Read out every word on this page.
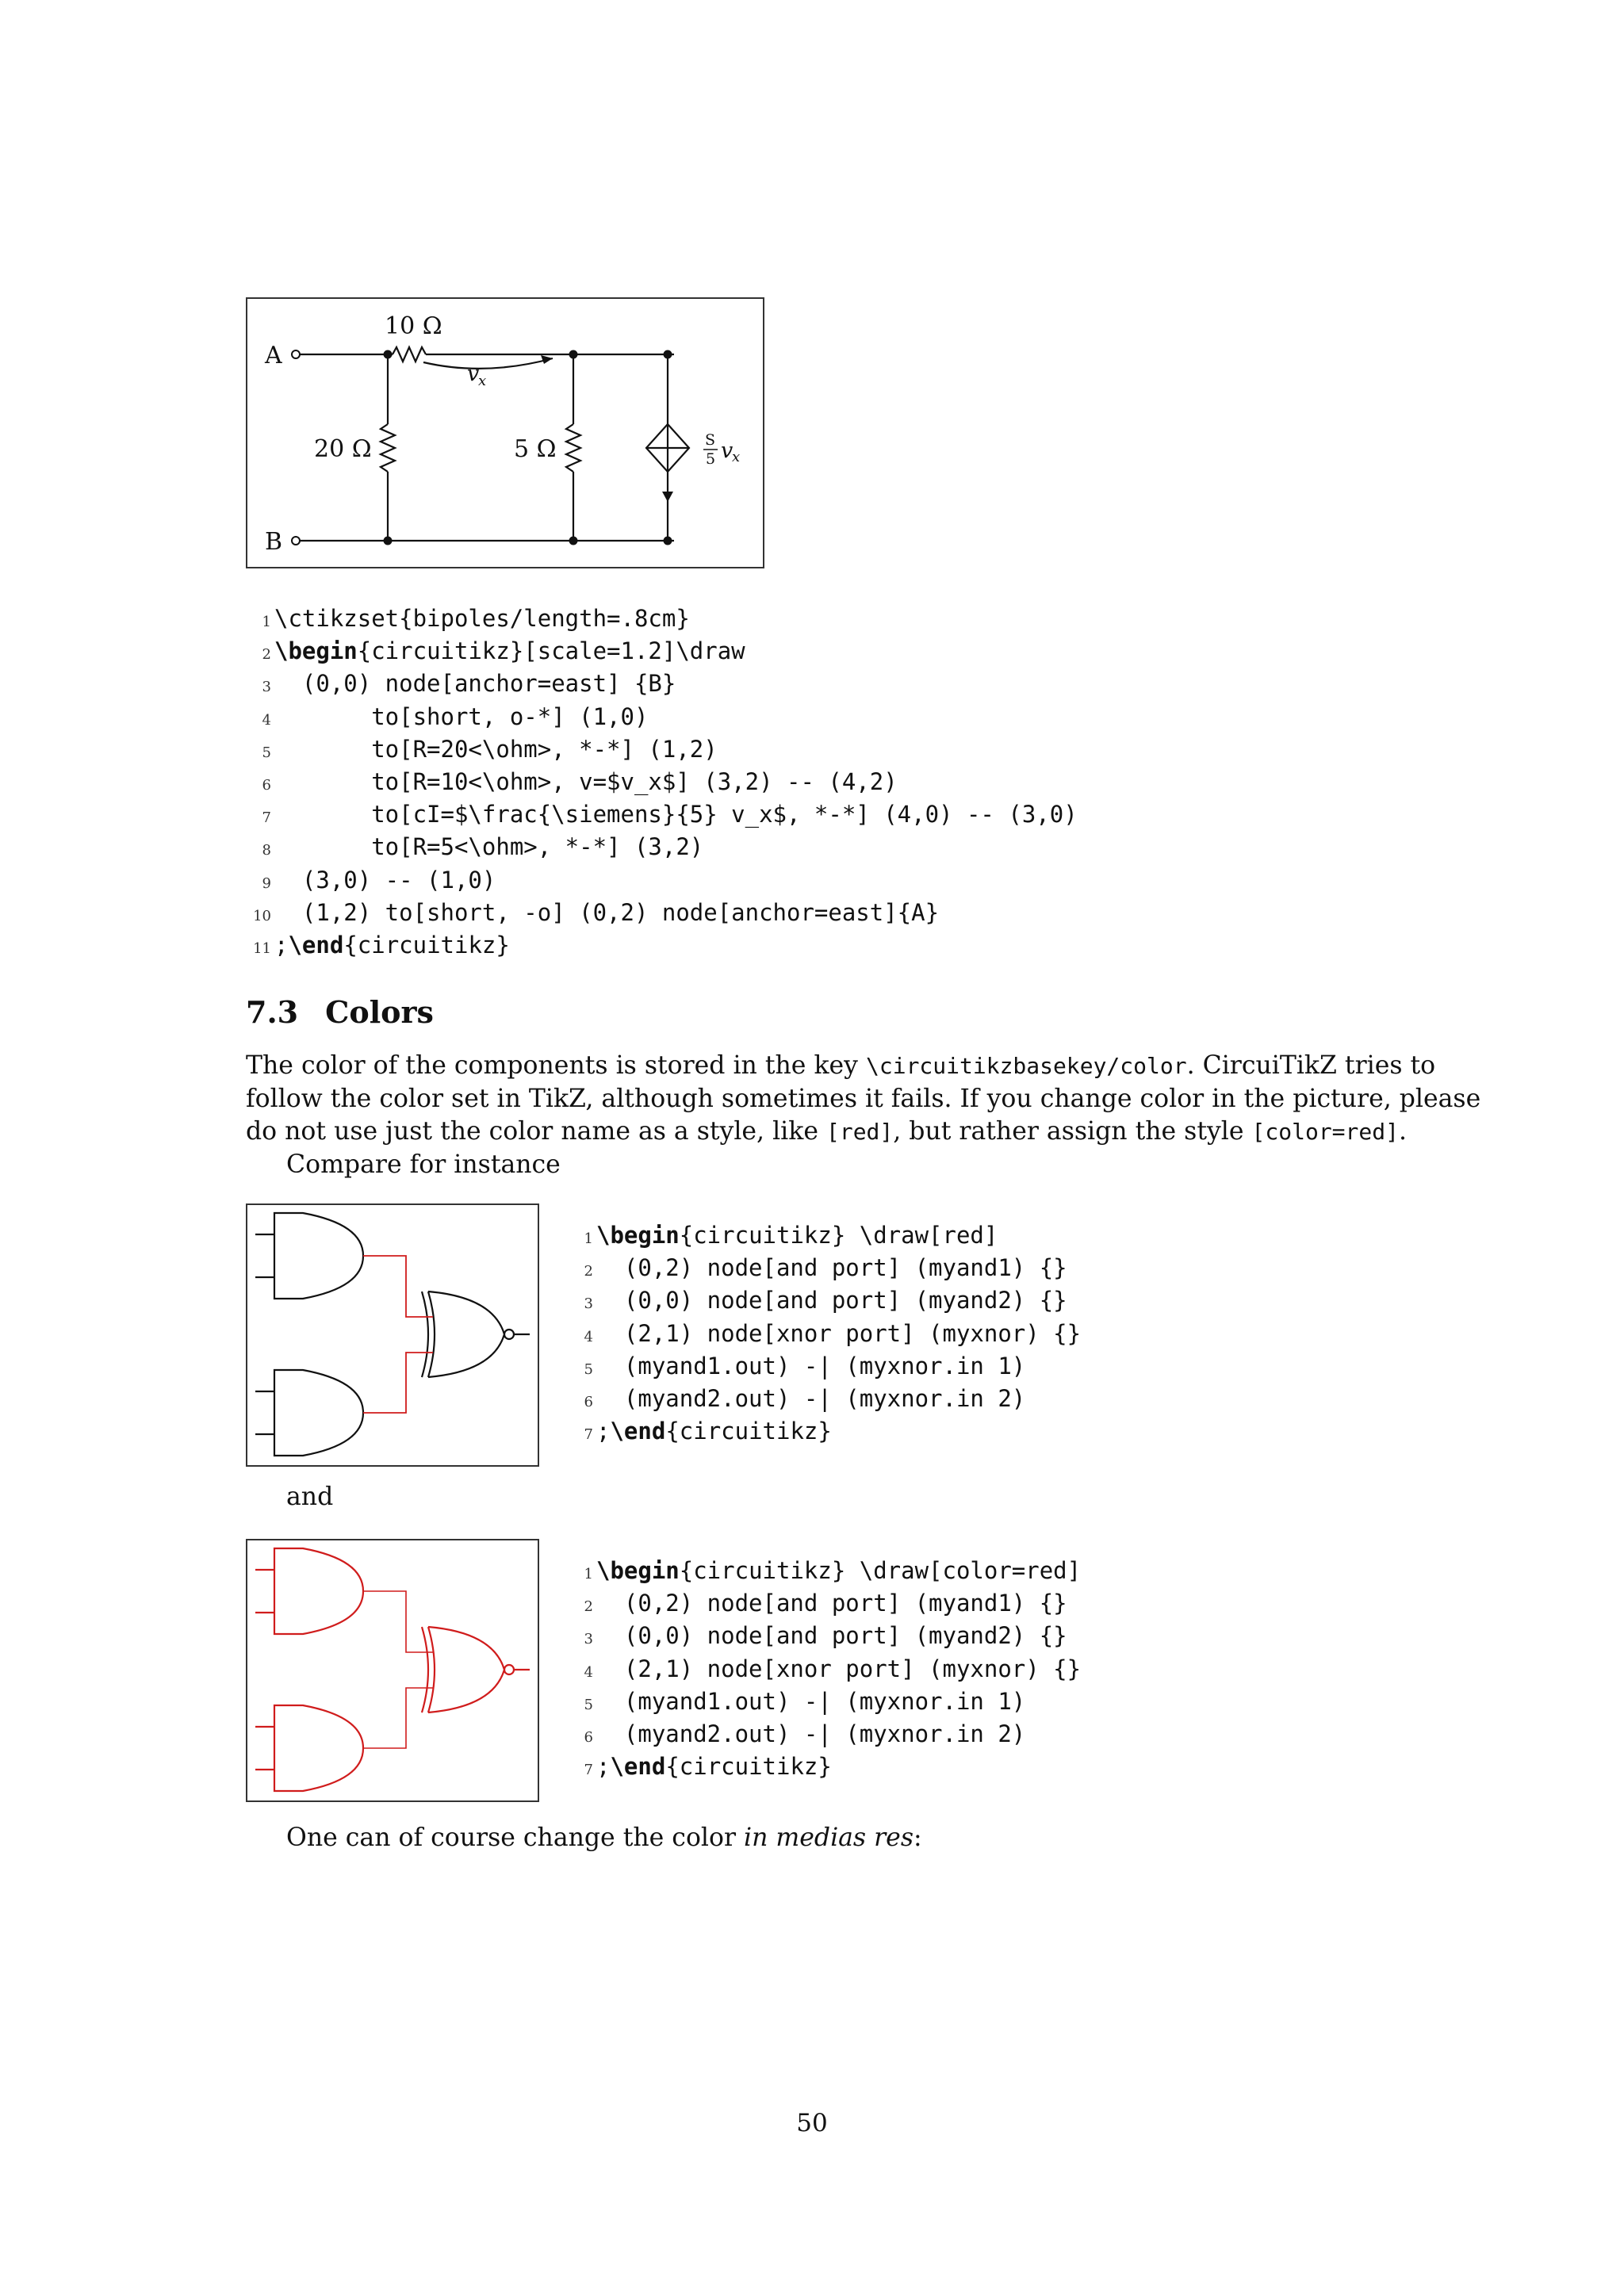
A
B
10 Ω
v
x
20 Ω	5 Ω	S
5 v
x
1 \ctikzset{bipoles/length=.8cm}
2 \begin{circuitikz}[scale=1.2]\draw
3	(0,0) node[anchor=east] {B}
4	to[short, o-*] (1,0)
5	to[R=20<\ohm>, *-*] (1,2)
6	to[R=10<\ohm>, v=$v_x$] (3,2) -- (4,2)
7	to[cI=$\frac{\siemens}{5} v_x$, *-*] (4,0) -- (3,0)
8	to[R=5<\ohm>, *-*] (3,2)
9	(3,0) -- (1,0)
10	(1,2) to[short, -o] (0,2) node[anchor=east]{A}
11 ;\end{circuitikz}
7.3 Colors
The color of the components is stored in the key \circuitikzbasekey/color. CircuiTikZ tries to
follow the color set in TikZ, although sometimes it fails. If you change color in the picture, please
do not use just the color name as a style, like [red], but rather assign the style [color=red].
Compare for instance
1 \begin{circuitikz} \draw[red]
2	(0,2) node[and port] (myand1) {}
3	(0,0) node[and port] (myand2) {}
4	(2,1) node[xnor port] (myxnor) {}
5	(myand1.out) -| (myxnor.in 1)
6	(myand2.out) -| (myxnor.in 2)
7 ;\end{circuitikz}
and
1 \begin{circuitikz} \draw[color=red]
2	(0,2) node[and port] (myand1) {}
3	(0,0) node[and port] (myand2) {}
4	(2,1) node[xnor port] (myxnor) {}
5	(myand1.out) -| (myxnor.in 1)
6	(myand2.out) -| (myxnor.in 2)
7 ;\end{circuitikz}
One can of course change the color in medias res:
50
